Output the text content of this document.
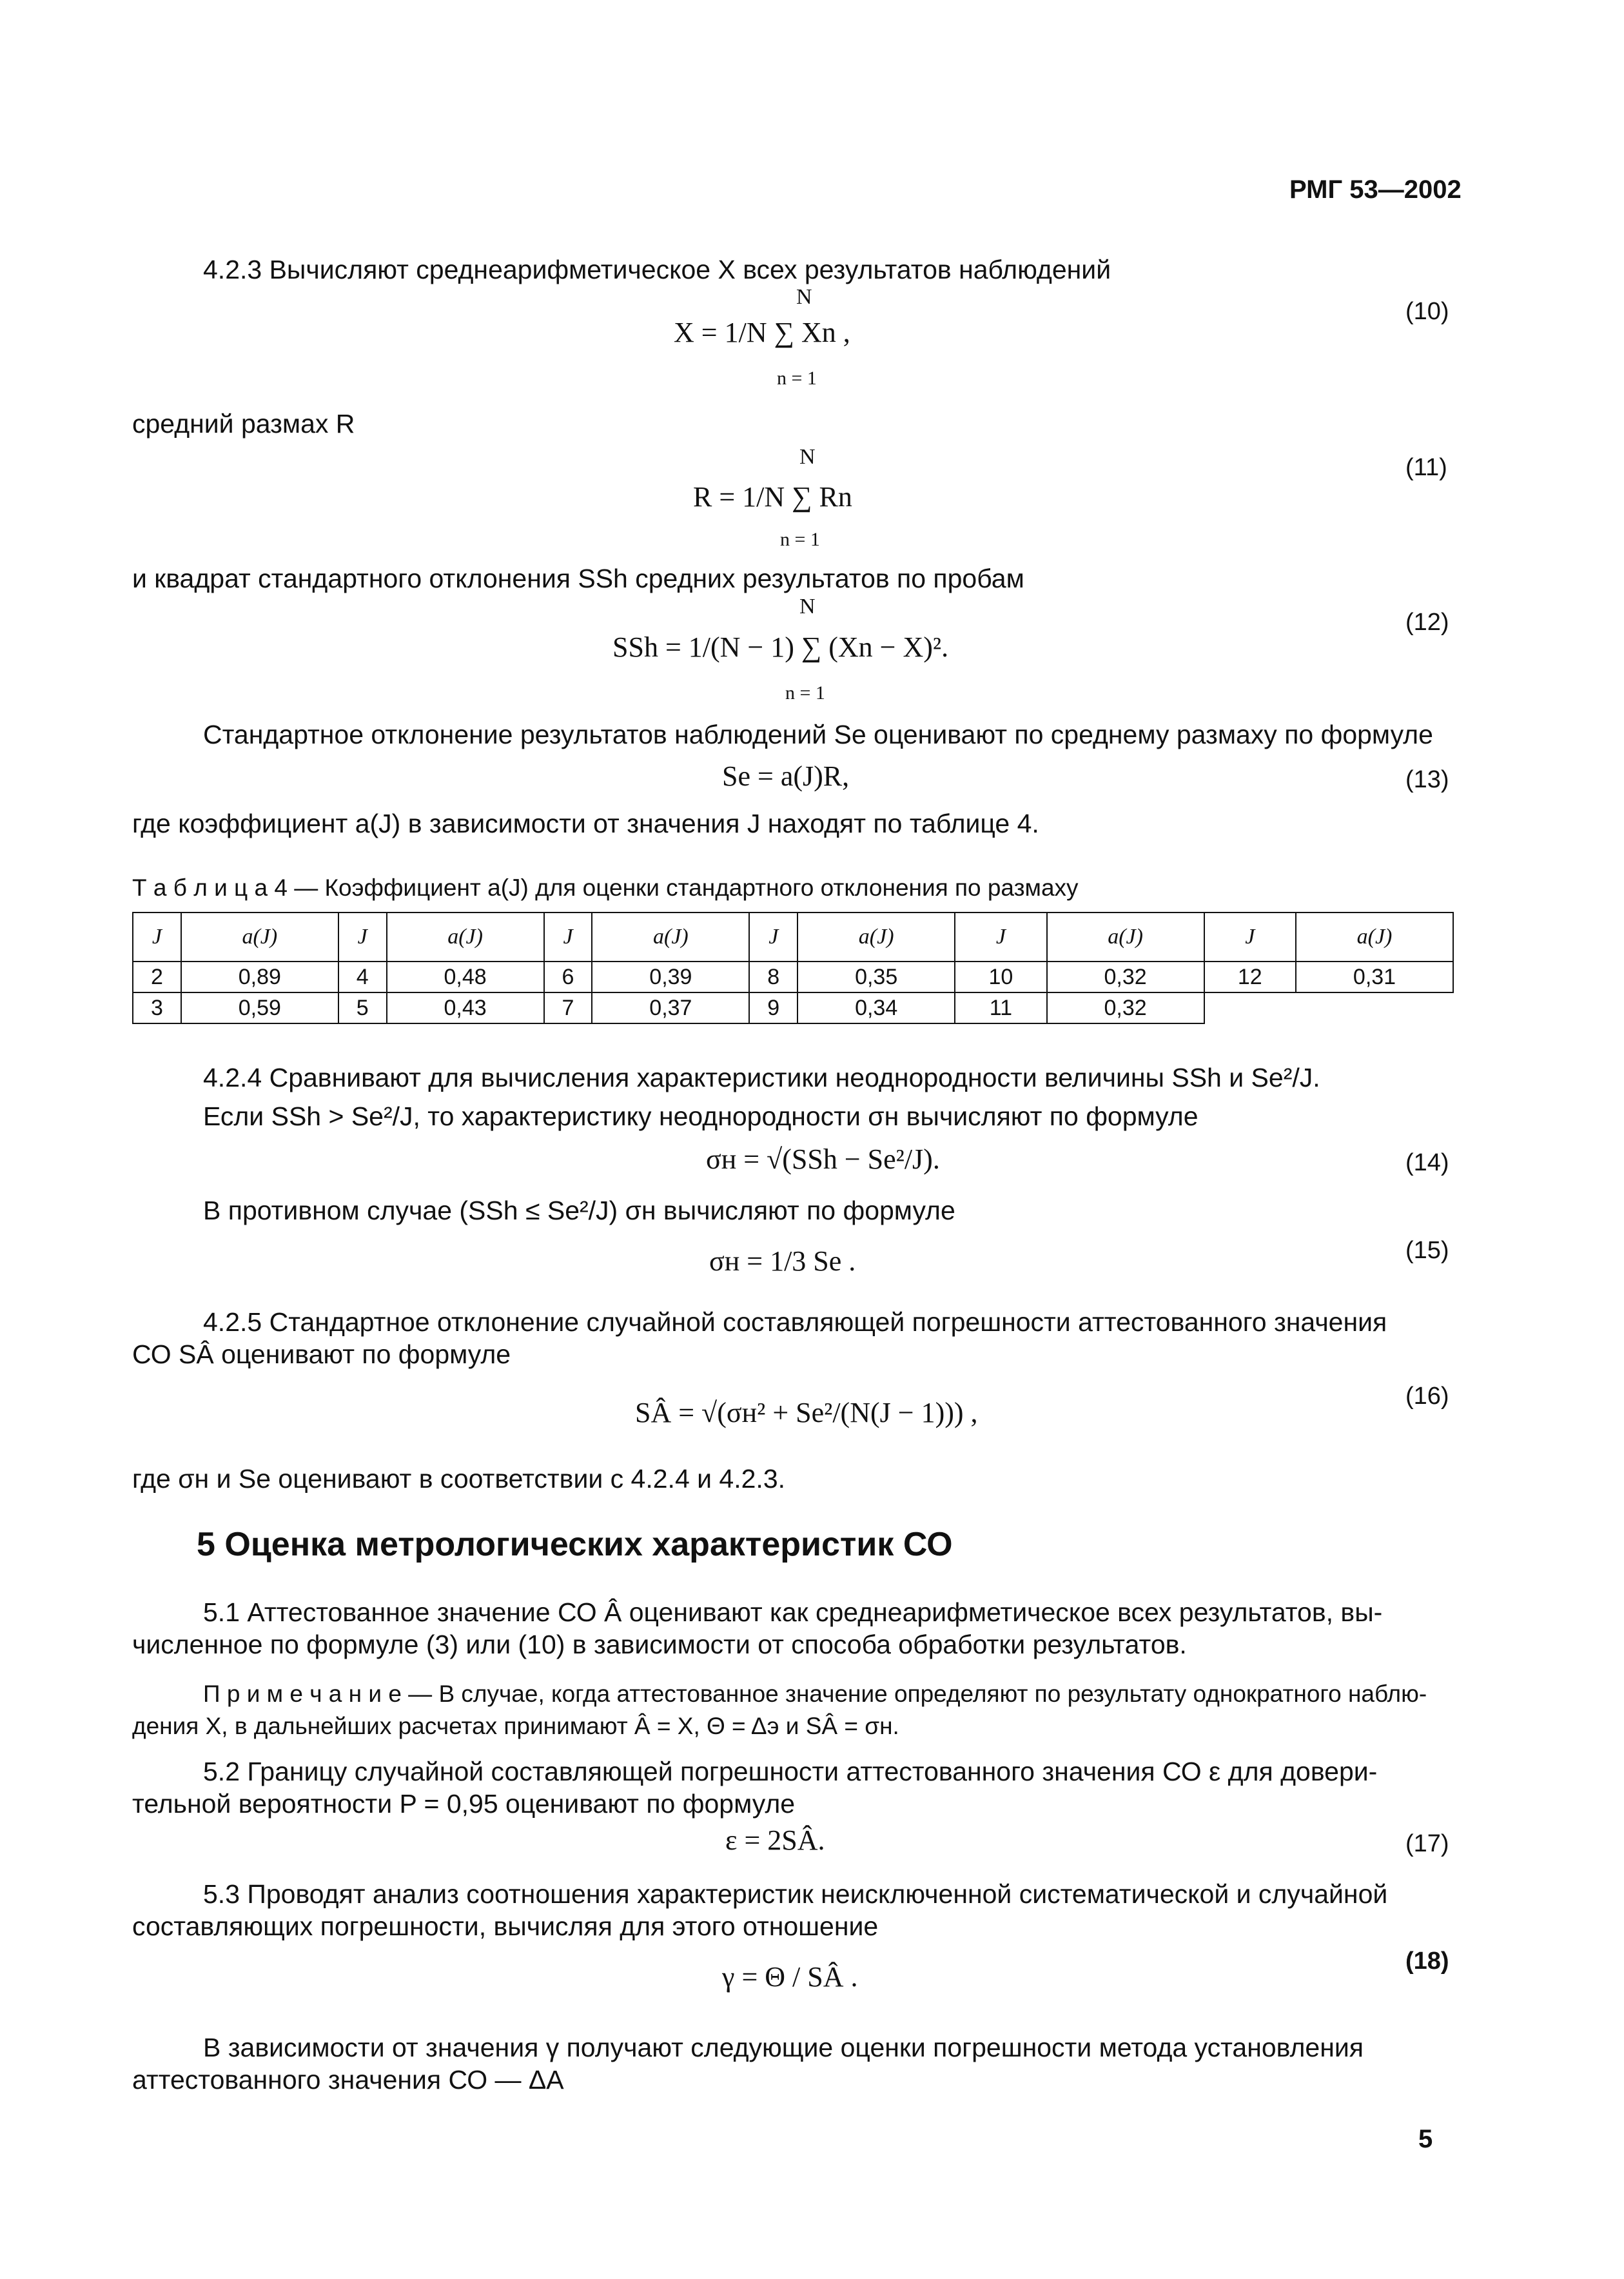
РМГ 53—2002
4.2.3 Вычисляют среднеарифметическое X всех результатов наблюдений
N
X = 1/N ∑ Xn ,
n = 1
(10)
средний размах R
N
R = 1/N ∑ Rn
n = 1
(11)
и квадрат стандартного отклонения SSh средних результатов по пробам
N
SSh = 1/(N − 1) ∑ (Xn − X)².
n = 1
(12)
Стандартное отклонение результатов наблюдений Se оценивают по среднему размаху по формуле
Se = a(J)R,	(13)
где коэффициент a(J) в зависимости от значения J находят по таблице 4.
Т а б л и ц а 4 — Коэффициент a(J) для оценки стандартного отклонения по размаху
J	a(J)	J	a(J)	J	a(J)	J	a(J)	J	a(J)	J	a(J)
2	0,89	4	0,48	6	0,39	8	0,35	10	0,32	12	0,31
3	0,59	5	0,43	7	0,37	9	0,34	11	0,32		
4.2.4 Сравнивают для вычисления характеристики неоднородности величины SSh и Se²/J.
Если SSh > Se²/J, то характеристику неоднородности σн вычисляют по формуле
σн = √(SSh − Se²/J).	(14)
В противном случае (SSh ≤ Se²/J) σн вычисляют по формуле
σн = 1/3 Se .	(15)
4.2.5 Стандартное отклонение случайной составляющей погрешности аттестованного значения
СО SÂ оценивают по формуле
SÂ = √(σн² + Se²/(N(J − 1))) ,
(16)
где σн и Se оценивают в соответствии с 4.2.4 и 4.2.3.
5 Оценка метрологических характеристик СО
5.1 Аттестованное значение СО Â оценивают как среднеарифметическое всех результатов, вы-
численное по формуле (3) или (10) в зависимости от способа обработки результатов.
П р и м е ч а н и е — В случае, когда аттестованное значение определяют по результату однократного наблю-
дения X, в дальнейших расчетах принимают Â = X, Θ = Δэ и SÂ = σн.
5.2 Границу случайной составляющей погрешности аттестованного значения СО ε для довери-
тельной вероятности P = 0,95 оценивают по формуле
ε = 2SÂ.	(17)
5.3 Проводят анализ соотношения характеристик неисключенной систематической и случайной
составляющих погрешности, вычисляя для этого отношение
γ = Θ / SÂ .	(18)
В зависимости от значения γ получают следующие оценки погрешности метода установления
аттестованного значения СО — ΔA
5
